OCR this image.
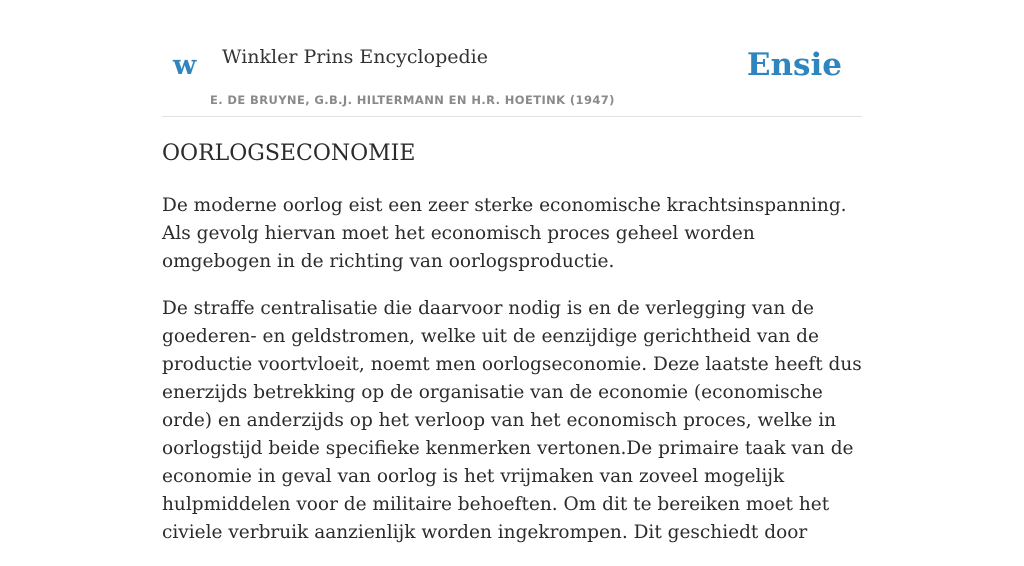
w Winkler Prins Encyclopedie
E. DE BRUYNE, G.B.J. HILTERMANN EN H.R. HOETINK (1947)
Ensie
OORLOGSECONOMIE

De moderne oorlog eist een zeer sterke economische krachtsinspanning. Als gevolg hiervan moet het economisch proces geheel worden omgebogen in de richting van oorlogsproductie.

De straffe centralisatie die daarvoor nodig is en de verlegging van de goederen- en geldstromen, welke uit de eenzijdige gerichtheid van de productie voortvloeit, noemt men oorlogseconomie. Deze laatste heeft dus enerzijds betrekking op de organisatie van de economie (economische orde) en anderzijds op het verloop van het economisch proces, welke in oorlogstijd beide specifieke kenmerken vertonen.De primaire taak van de economie in geval van oorlog is het vrijmaken van zoveel mogelijk hulpmiddelen voor de militaire behoeften. Om dit te bereiken moet het civiele verbruik aanzienlijk worden ingekrompen. Dit geschiedt door
